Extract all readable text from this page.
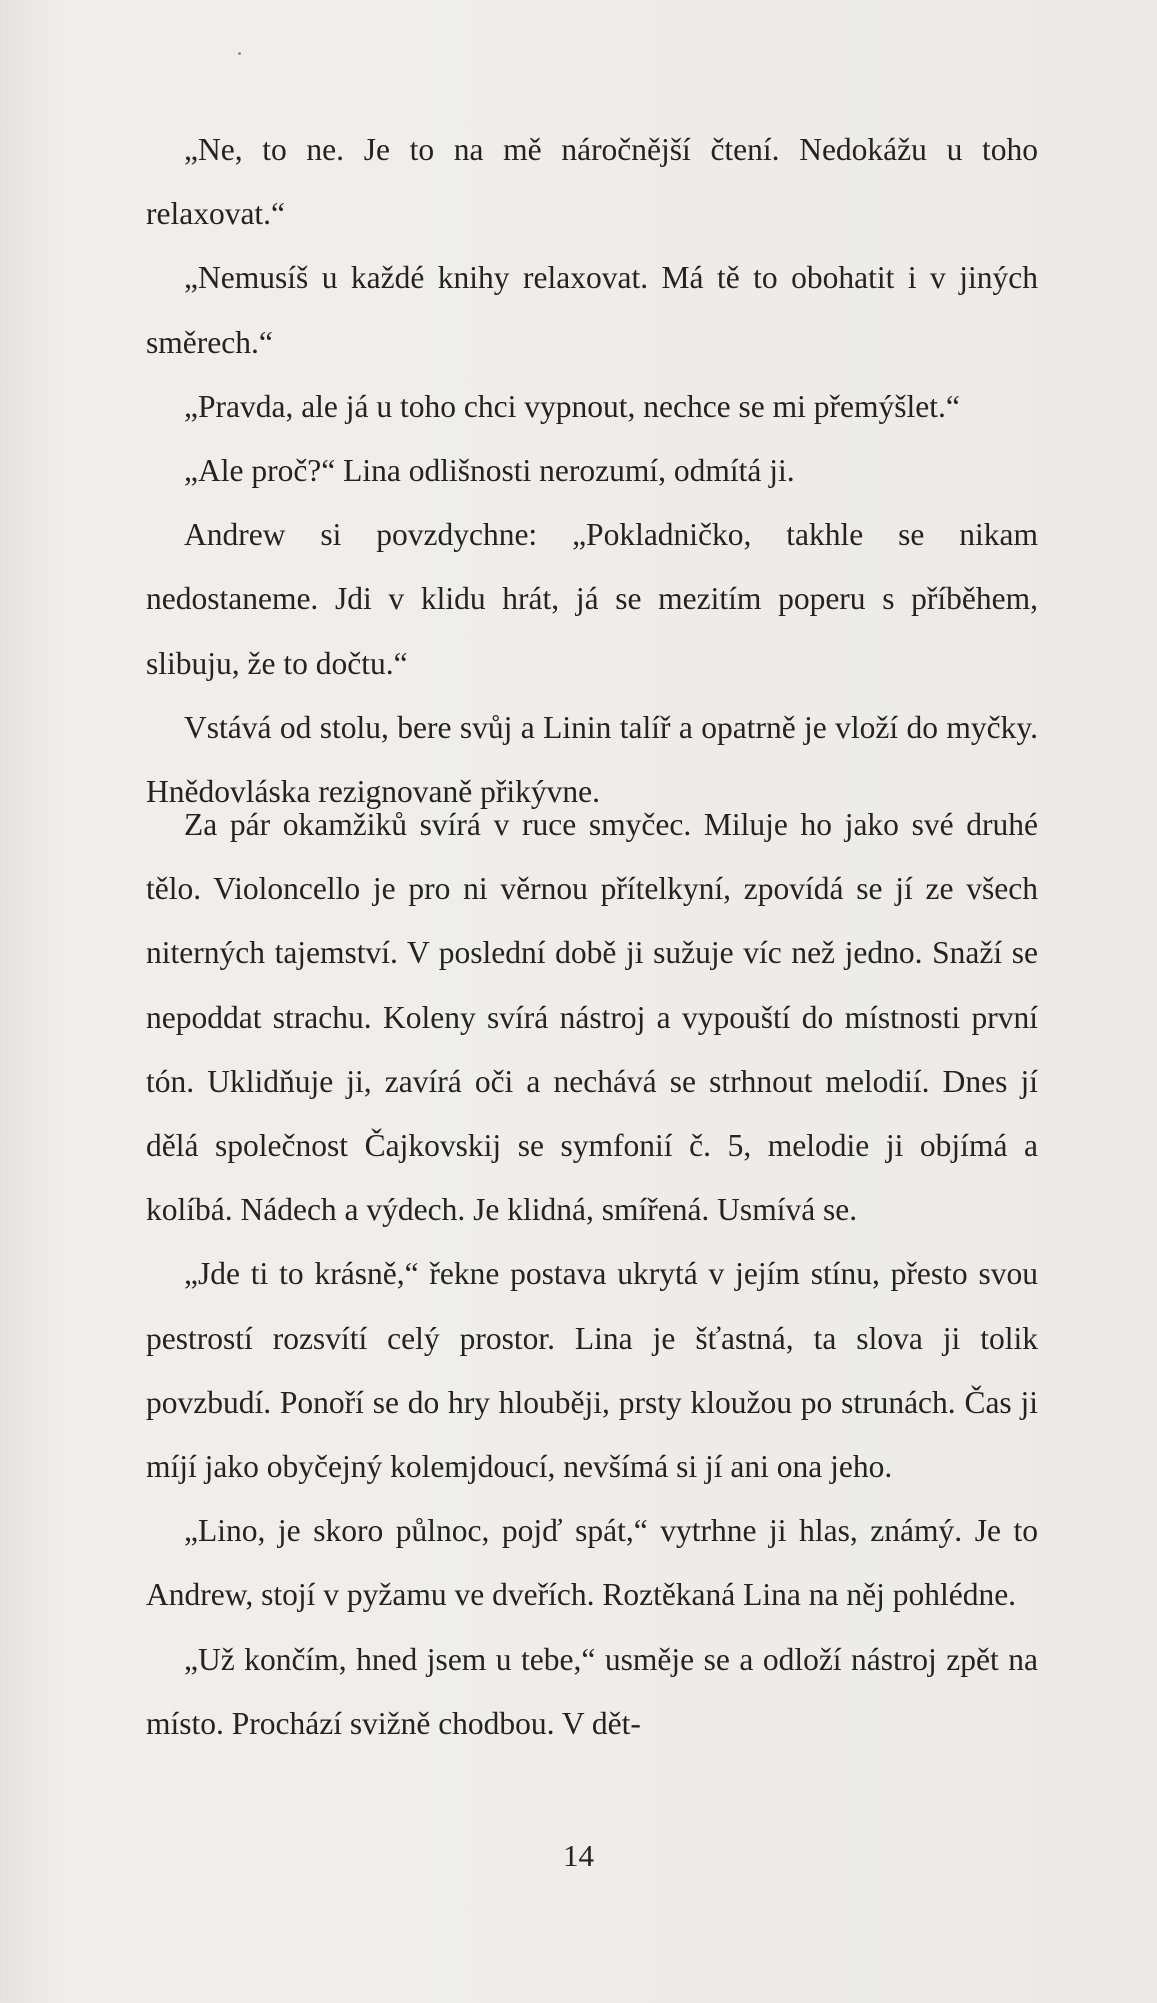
„Ne, to ne. Je to na mě náročnější čtení. Nedokážu u toho relaxovat.“

„Nemusíš u každé knihy relaxovat. Má tě to obohatit i v jiných směrech.“

„Pravda, ale já u toho chci vypnout, nechce se mi přemýšlet.“

„Ale proč?“ Lina odlišnosti nerozumí, odmítá ji.

Andrew si povzdychne: „Pokladničko, takhle se nikam nedostaneme. Jdi v klidu hrát, já se mezitím poperu s příběhem, slibuju, že to dočtu.“

Vstává od stolu, bere svůj a Linin talíř a opatrně je vloží do myčky. Hnědovláska rezignovaně přikývne.

Za pár okamžiků svírá v ruce smyčec. Miluje ho jako své druhé tělo. Violoncello je pro ni věrnou přítelkyní, zpovídá se jí ze všech niterných tajemství. V poslední době ji sužuje víc než jedno. Snaží se nepoddat strachu. Koleny svírá nástroj a vypouští do místnosti první tón. Uklidňuje ji, zavírá oči a nechává se strhnout melodií. Dnes jí dělá společnost Čajkovskij se symfonií č. 5, melodie ji objímá a kolíbá. Nádech a výdech. Je klidná, smířená. Usmívá se.

„Jde ti to krásně,“ řekne postava ukrytá v jejím stínu, přesto svou pestrostí rozsvítí celý prostor. Lina je šťastná, ta slova ji tolik povzbudí. Ponoří se do hry hlouběji, prsty kloužou po strunách. Čas ji míjí jako obyčejný kolemjdoucí, nevšímá si jí ani ona jeho.

„Lino, je skoro půlnoc, pojď spát,“ vytrhne ji hlas, známý. Je to Andrew, stojí v pyžamu ve dveřích. Roztěkaná Lina na něj pohlédne.

„Už končím, hned jsem u tebe,“ usměje se a odloží nástroj zpět na místo. Prochází svižně chodbou. V dět-

14
